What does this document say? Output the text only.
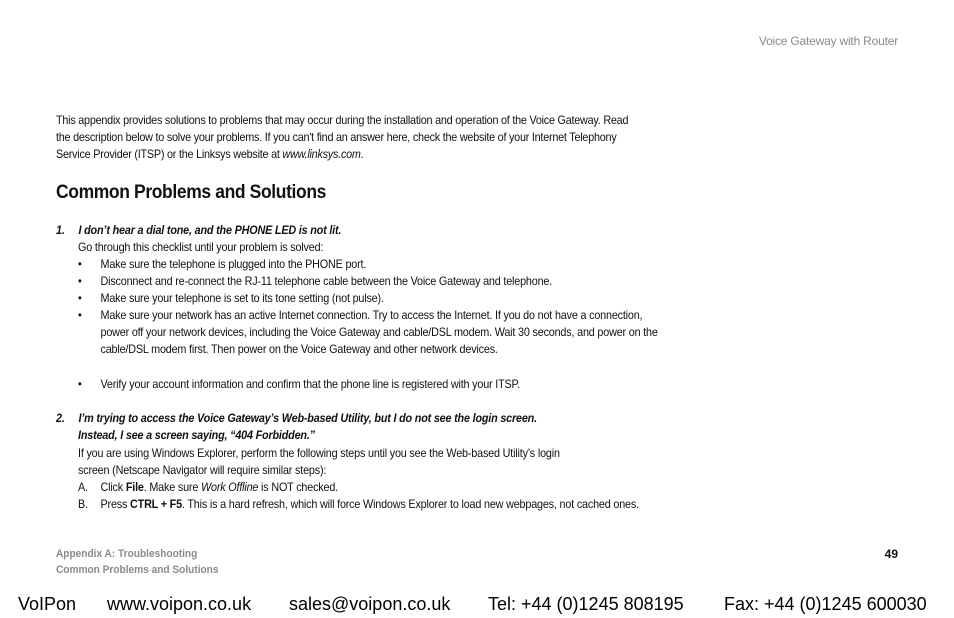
Voice Gateway with Router
This appendix provides solutions to problems that may occur during the installation and operation of the Voice Gateway. Read the description below to solve your problems. If you can't find an answer here, check the website of your Internet Telephony Service Provider (ITSP) or the Linksys website at www.linksys.com.
Common Problems and Solutions
1. I don’t hear a dial tone, and the PHONE LED is not lit.
Go through this checklist until your problem is solved:
• Make sure the telephone is plugged into the PHONE port.
• Disconnect and re-connect the RJ-11 telephone cable between the Voice Gateway and telephone.
• Make sure your telephone is set to its tone setting (not pulse).
• Make sure your network has an active Internet connection. Try to access the Internet. If you do not have a connection, power off your network devices, including the Voice Gateway and cable/DSL modem. Wait 30 seconds, and power on the cable/DSL modem first. Then power on the Voice Gateway and other network devices.
• Verify your account information and confirm that the phone line is registered with your ITSP.
2. I’m trying to access the Voice Gateway’s Web-based Utility, but I do not see the login screen.
Instead, I see a screen saying, “404 Forbidden.”
If you are using Windows Explorer, perform the following steps until you see the Web-based Utility’s login
screen (Netscape Navigator will require similar steps):
A. Click File. Make sure Work Offline is NOT checked.
B. Press CTRL + F5. This is a hard refresh, which will force Windows Explorer to load new webpages, not cached ones.
Appendix A: Troubleshooting
Common Problems and Solutions
49
VoIPon www.voipon.co.uk sales@voipon.co.uk Tel: +44 (0)1245 808195 Fax: +44 (0)1245 600030
